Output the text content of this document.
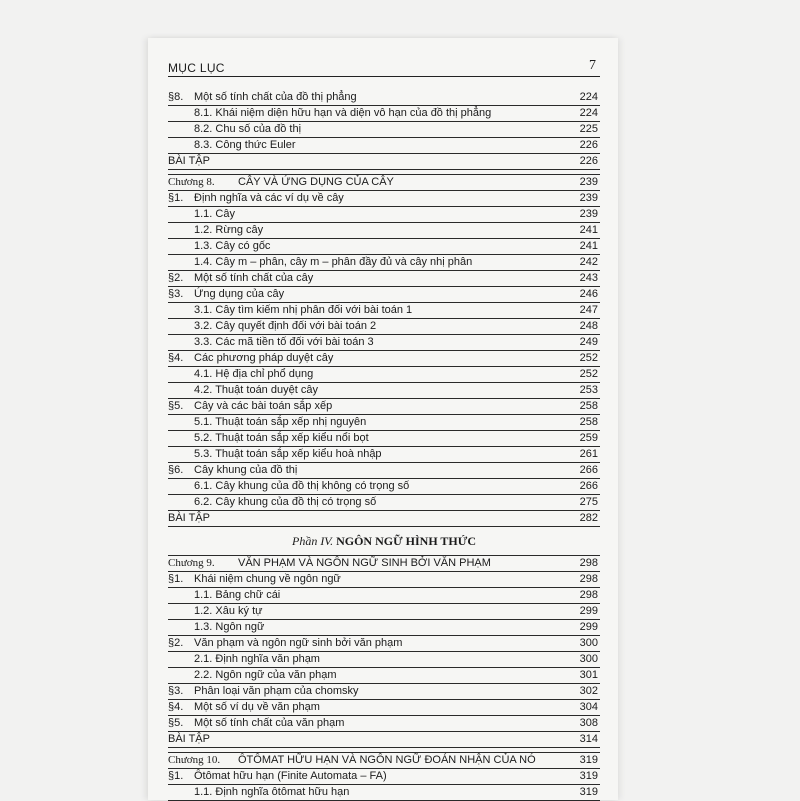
MỤC LỤC	7
§8. Một số tính chất của đồ thị phẳng	224
8.1. Khái niệm diện hữu hạn và diện vô hạn của đồ thị phẳng	224
8.2. Chu số của đồ thị	225
8.3. Công thức Euler	226
BÀI TẬP	226
Chương 8. CÂY VÀ ỨNG DỤNG CỦA CÂY	239
§1. Định nghĩa và các ví dụ về cây	239
1.1. Cây	239
1.2. Rừng cây	241
1.3. Cây có gốc	241
1.4. Cây m – phân, cây m – phân đầy đủ và cây nhị phân	242
§2. Một số tính chất của cây	243
§3. Ứng dụng của cây	246
3.1. Cây tìm kiếm nhị phân đối với bài toán 1	247
3.2. Cây quyết định đối với bài toán 2	248
3.3. Các mã tiền tố đối với bài toán 3	249
§4. Các phương pháp duyệt cây	252
4.1. Hệ địa chỉ phổ dụng	252
4.2. Thuật toán duyệt cây	253
§5. Cây và các bài toán sắp xếp	258
5.1. Thuật toán sắp xếp nhị nguyên	258
5.2. Thuật toán sắp xếp kiểu nổi bọt	259
5.3. Thuật toán sắp xếp kiểu hoà nhập	261
§6. Cây khung của đồ thị	266
6.1. Cây khung của đồ thị không có trọng số	266
6.2. Cây khung của đồ thị có trọng số	275
BÀI TẬP	282
Phần IV. NGÔN NGỮ HÌNH THỨC
Chương 9. VĂN PHẠM VÀ NGÔN NGỮ SINH BỞI VĂN PHẠM	298
§1. Khái niệm chung về ngôn ngữ	298
1.1. Bảng chữ cái	298
1.2. Xâu ký tự	299
1.3. Ngôn ngữ	299
§2. Văn phạm và ngôn ngữ sinh bởi văn phạm	300
2.1. Định nghĩa văn phạm	300
2.2. Ngôn ngữ của văn phạm	301
§3. Phân loại văn phạm của chomsky	302
§4. Một số ví dụ về văn phạm	304
§5. Một số tính chất của văn phạm	308
BÀI TẬP	314
Chương 10. ÔTÔMAT HỮU HẠN VÀ NGÔN NGỮ ĐOÁN NHẬN CỦA NÓ	319
§1. Ôtômat hữu hạn (Finite Automata – FA)	319
1.1. Định nghĩa ôtômat hữu hạn	319
